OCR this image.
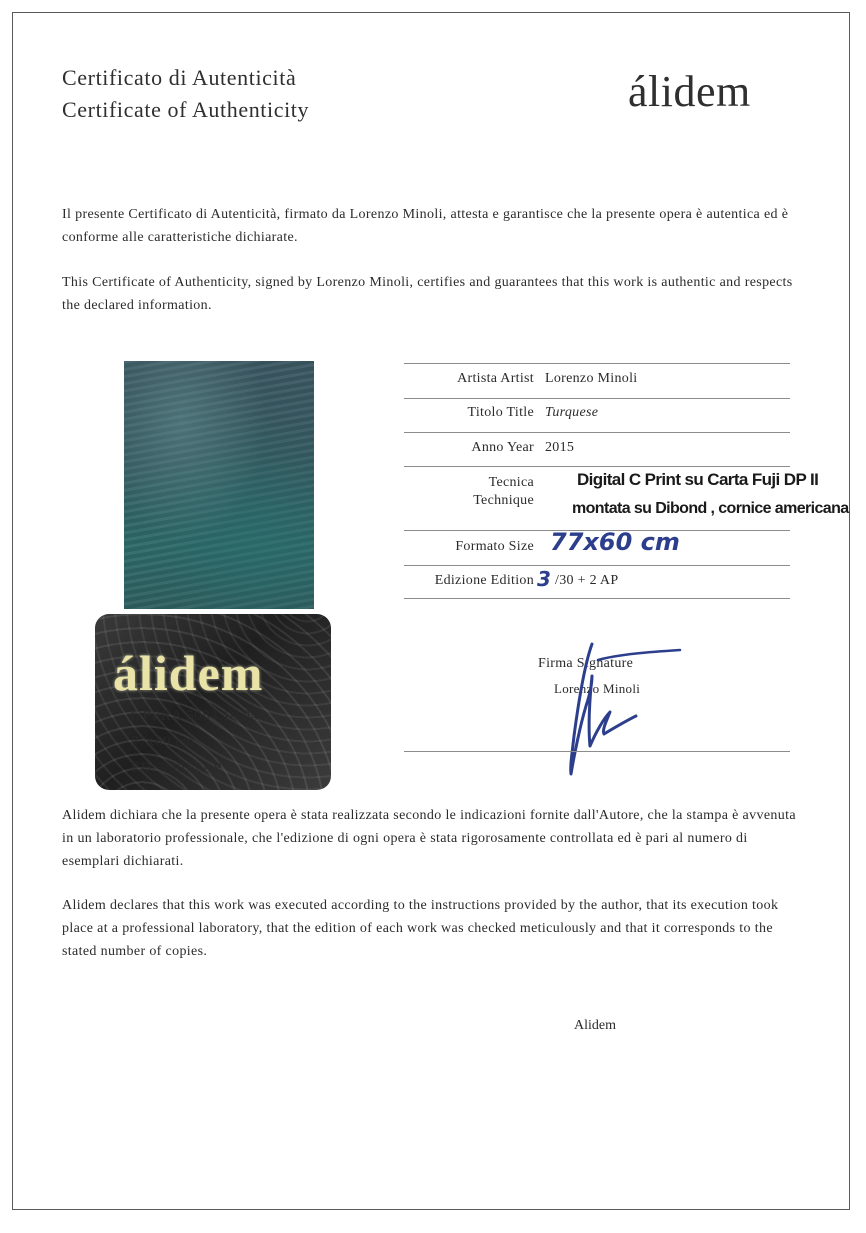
Certificato di Autenticità
Certificate of Authenticity	álidem
Il presente Certificato di Autenticità, firmato da Lorenzo Minoli, attesta e garantisce che la presente opera è autentica ed è conforme alle caratteristiche dichiarate.
This Certificate of Authenticity, signed by Lorenzo Minoli, certifies and guarantees that this work is authentic and respects the declared information.
álidem
OPERA 5084.16.04
77x60 cm
ED.3/30+2AP
Artista Artist Lorenzo Minoli
Titolo Title Turquese
Anno Year 2015
Tecnica
Technique
Digital C Print su Carta Fuji DP II
montata su Dibond , cornice americana
Formato Size 77x60 cm
Edizione Edition 3 /30 + 2 AP
Firma Signature
Lorenzo Minoli
Alidem dichiara che la presente opera è stata realizzata secondo le indicazioni fornite dall'Autore, che la stampa è avvenuta in un laboratorio professionale, che l'edizione di ogni opera è stata rigorosamente controllata ed è pari al numero di esemplari dichiarati.
Alidem declares that this work was executed according to the instructions provided by the author, that its execution took place at a professional laboratory, that the edition of each work was checked meticulously and that it corresponds to the stated number of copies.
Alidem
